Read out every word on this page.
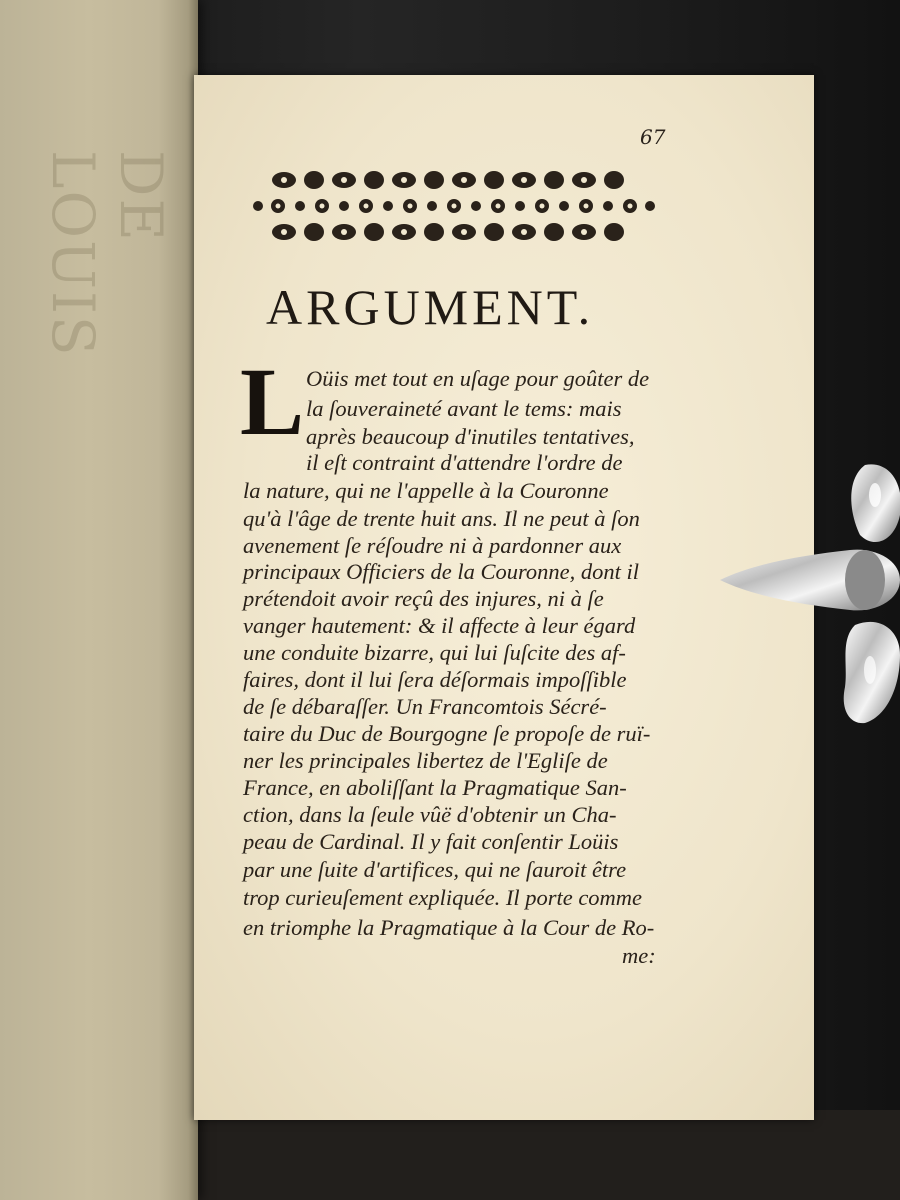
DE LOUIS
67
ARGUMENT.
L Oüis met tout en uſage pour goûter de
la ſouveraineté avant le tems: mais
après beaucoup d'inutiles tentatives,
il eſt contraint d'attendre l'ordre de
la nature, qui ne l'appelle à la Couronne
qu'à l'âge de trente huit ans. Il ne peut à ſon
avenement ſe réſoudre ni à pardonner aux
principaux Officiers de la Couronne, dont il
prétendoit avoir reçû des injures, ni à ſe
vanger hautement: & il affecte à leur égard
une conduite bizarre, qui lui ſuſcite des af-
faires, dont il lui ſera déſormais impoſſible
de ſe débaraſſer. Un Francomtois Sécré-
taire du Duc de Bourgogne ſe propoſe de ruï-
ner les principales libertez de l'Egliſe de
France, en aboliſſant la Pragmatique San-
ction, dans la ſeule vûë d'obtenir un Cha-
peau de Cardinal. Il y fait conſentir Loüis
par une ſuite d'artifices, qui ne ſauroit être
trop curieuſement expliquée. Il porte comme
en triomphe la Pragmatique à la Cour de Ro-
me:
